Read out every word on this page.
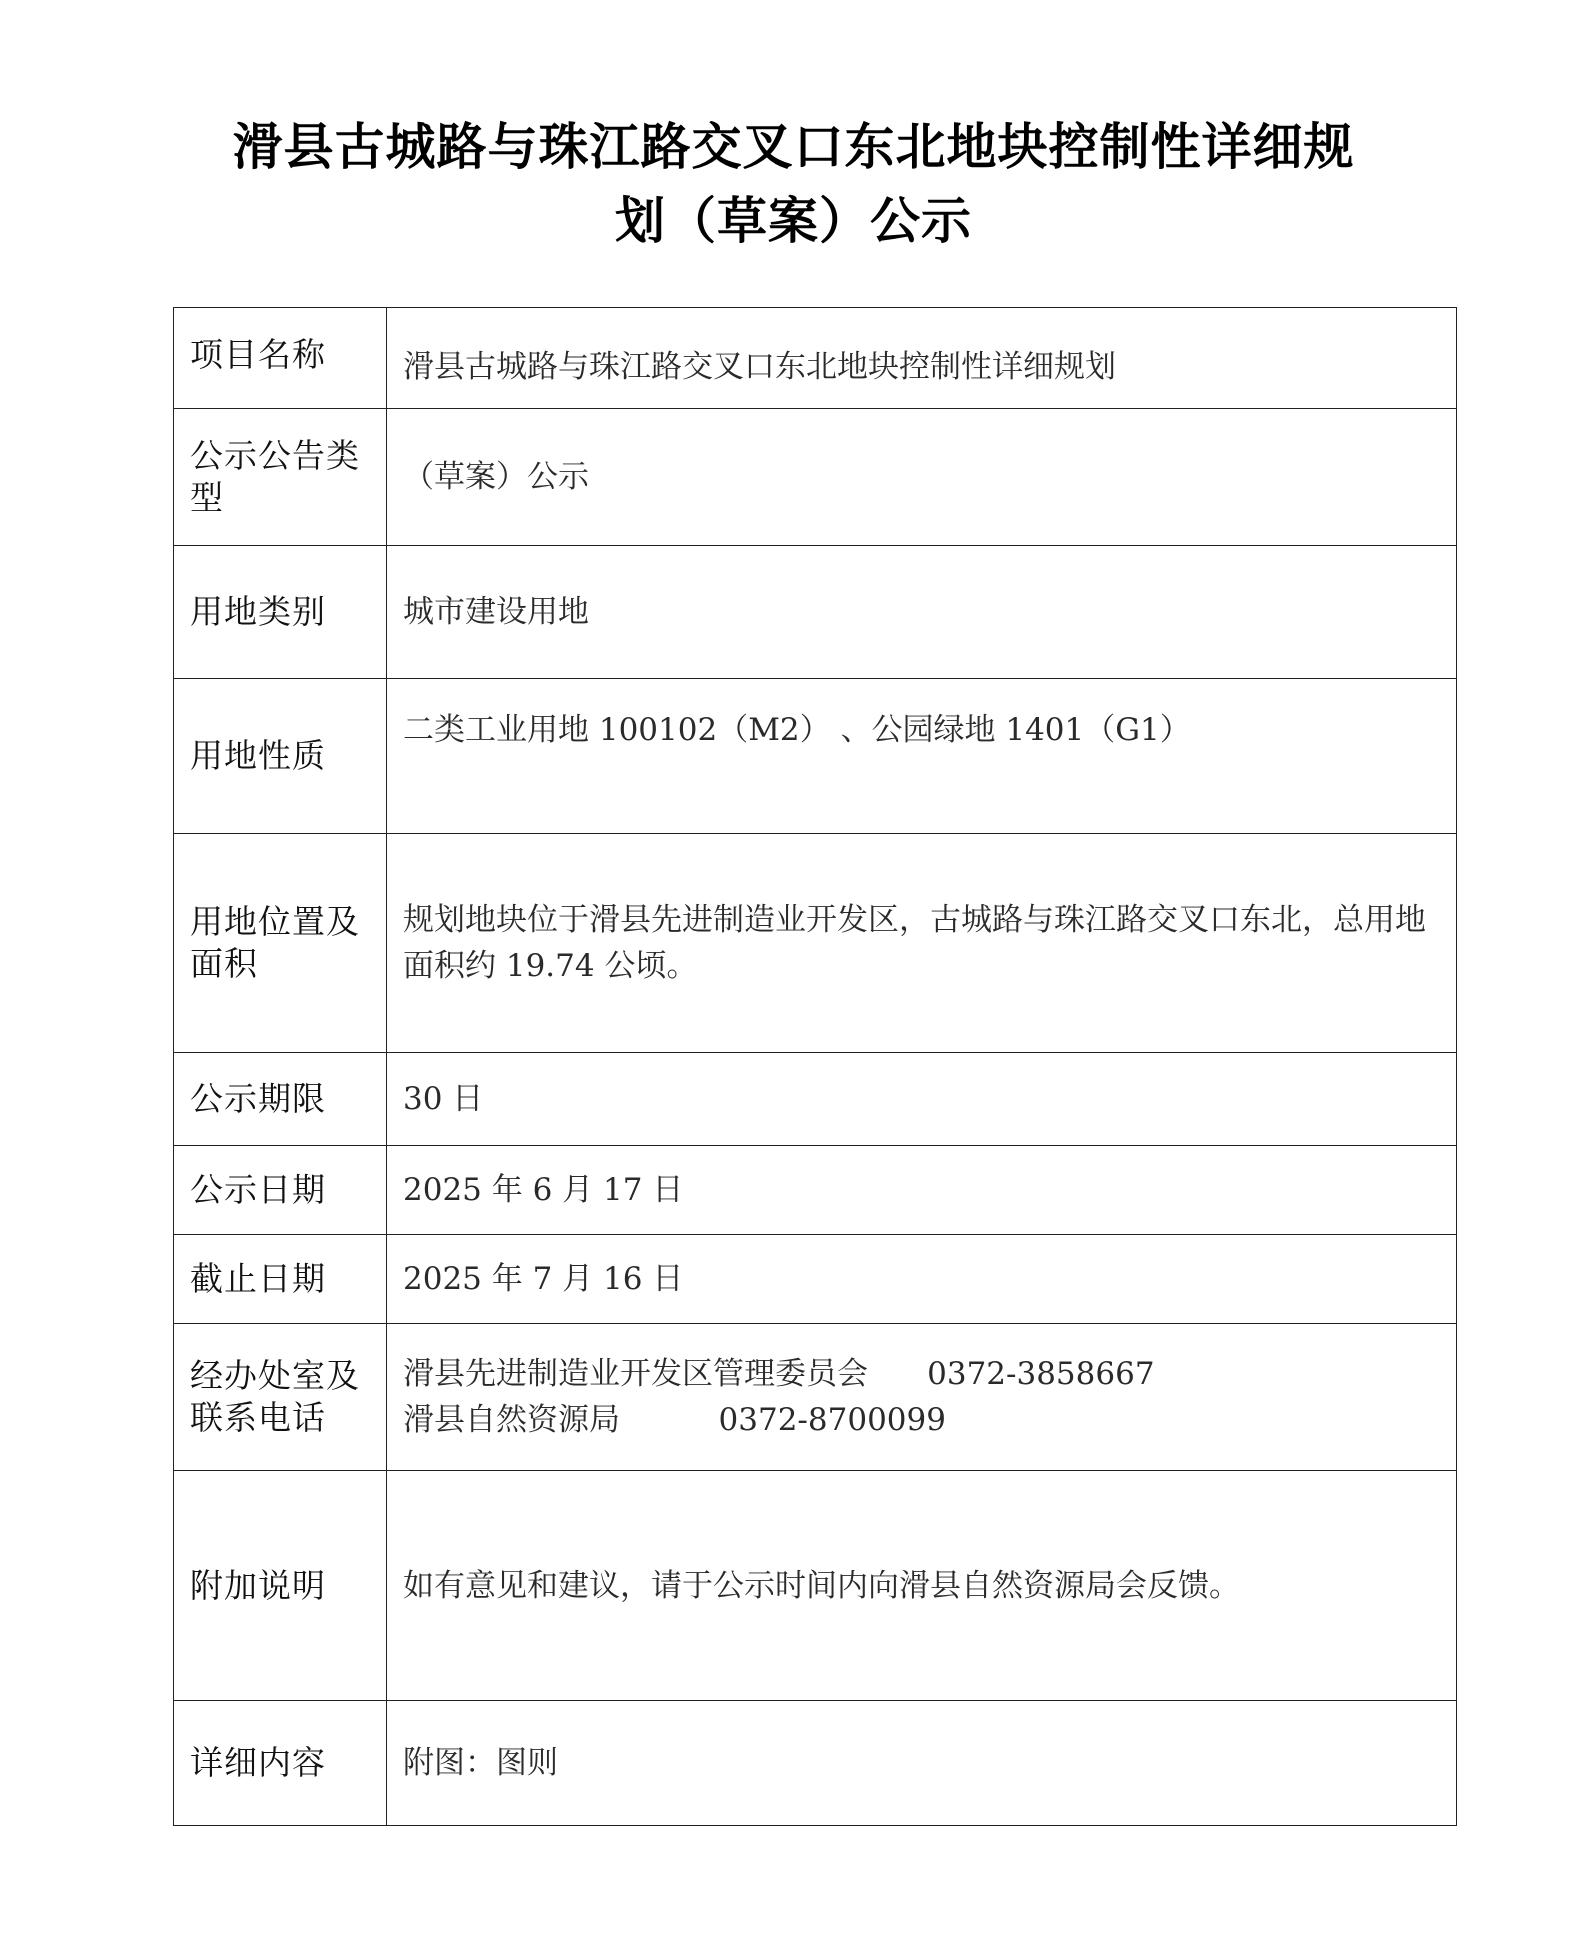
滑县古城路与珠江路交叉口东北地块控制性详细规
划（草案）公示
项目名称	滑县古城路与珠江路交叉口东北地块控制性详细规划
公示公告类型	（草案）公示
用地类别	城市建设用地
用地性质	二类工业用地 100102（M2） 、公园绿地 1401（G1）
用地位置及面积	规划地块位于滑县先进制造业开发区，古城路与珠江路交叉口东北，总用地面积约 19.74 公顷。
公示期限	30 日
公示日期	2025 年 6 月 17 日
截止日期	2025 年 7 月 16 日
经办处室及联系电话	滑县先进制造业开发区管理委员会      0372-3858667
滑县自然资源局          0372-8700099

附加说明	如有意见和建议，请于公示时间内向滑县自然资源局会反馈。
详细内容	附图：图则
